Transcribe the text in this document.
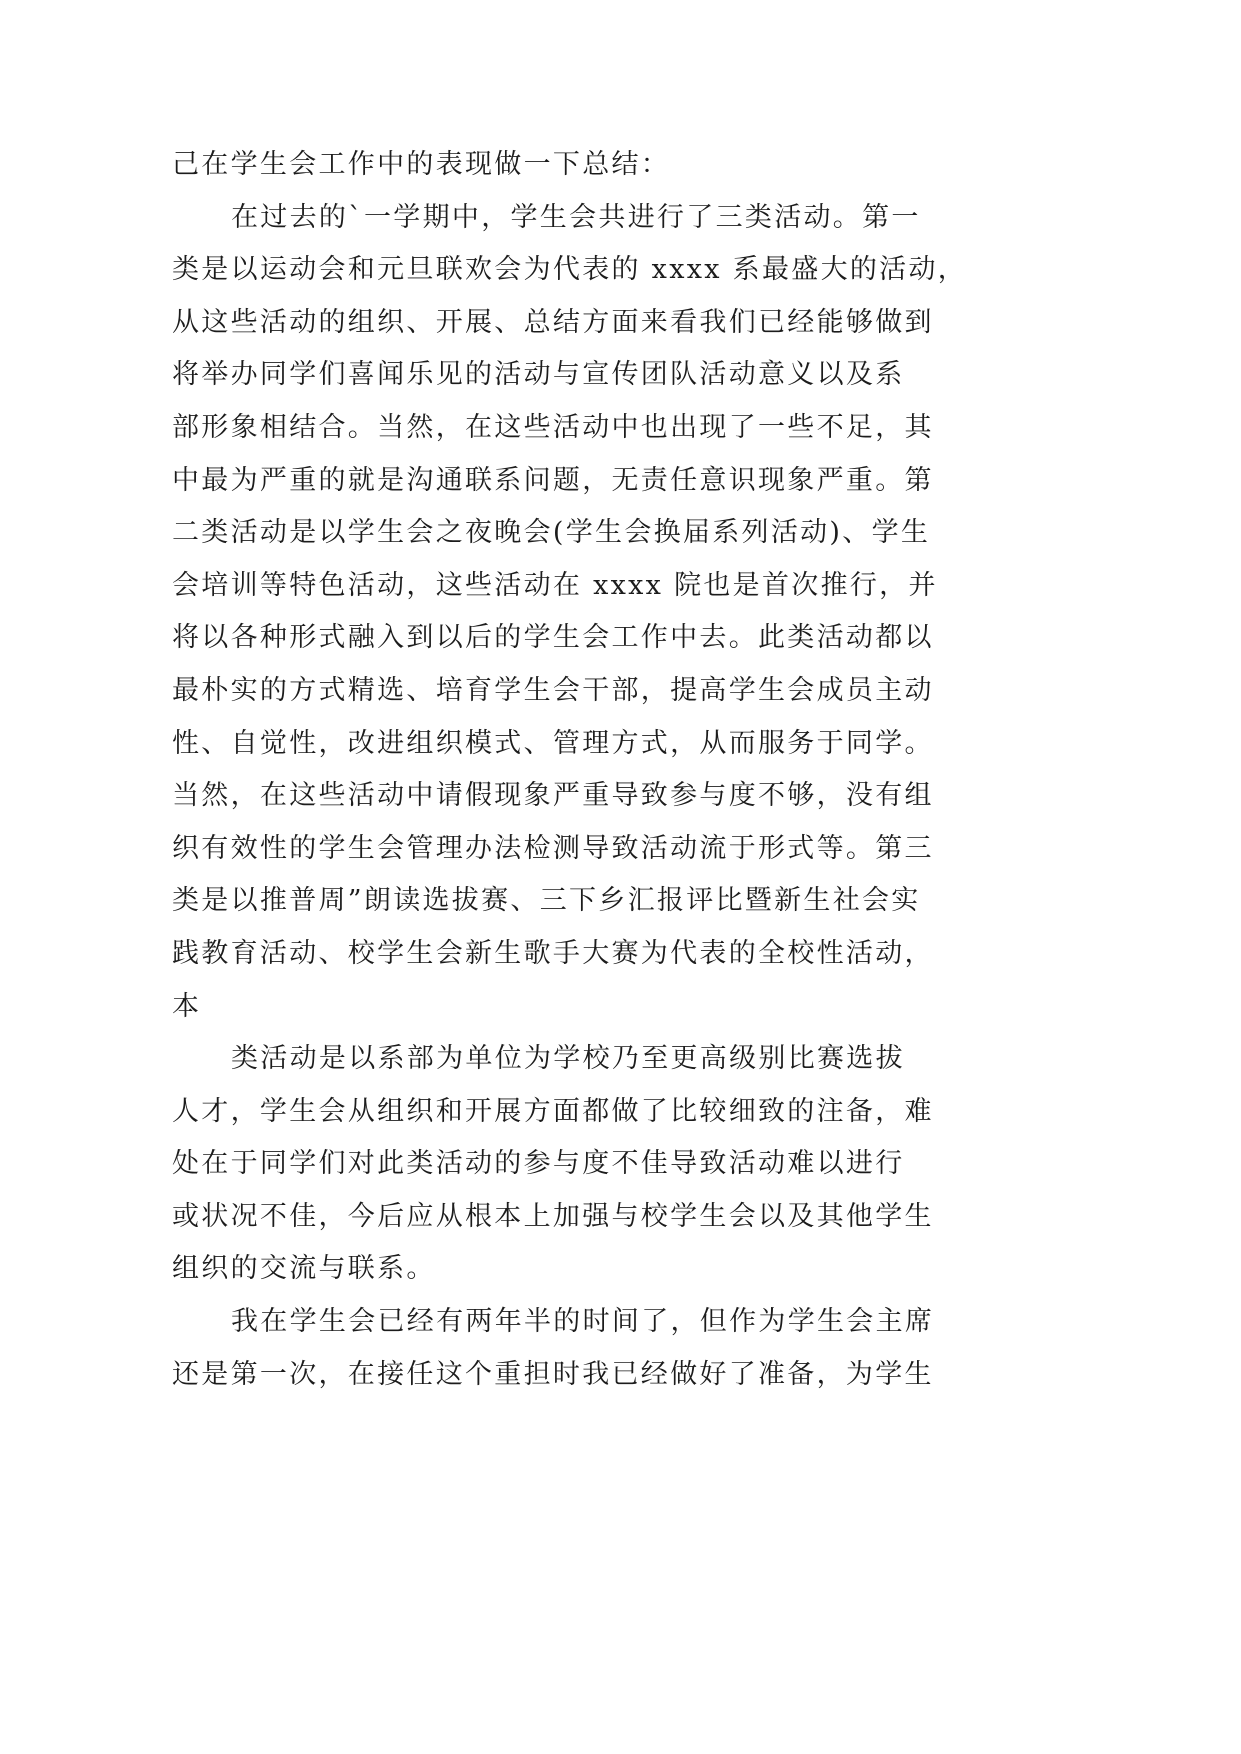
己在学生会工作中的表现做一下总结：
在过去的`一学期中，学生会共进行了三类活动。第一
类是以运动会和元旦联欢会为代表的 xxxx 系最盛大的活动，
从这些活动的组织、开展、总结方面来看我们已经能够做到
将举办同学们喜闻乐见的活动与宣传团队活动意义以及系
部形象相结合。当然，在这些活动中也出现了一些不足，其
中最为严重的就是沟通联系问题，无责任意识现象严重。第
二类活动是以学生会之夜晚会(学生会换届系列活动)、学生
会培训等特色活动，这些活动在 xxxx 院也是首次推行，并
将以各种形式融入到以后的学生会工作中去。此类活动都以
最朴实的方式精选、培育学生会干部，提高学生会成员主动
性、自觉性，改进组织模式、管理方式，从而服务于同学。
当然，在这些活动中请假现象严重导致参与度不够，没有组
织有效性的学生会管理办法检测导致活动流于形式等。第三
类是以推普周”朗读选拔赛、三下乡汇报评比暨新生社会实
践教育活动、校学生会新生歌手大赛为代表的全校性活动，
本
类活动是以系部为单位为学校乃至更高级别比赛选拔
人才，学生会从组织和开展方面都做了比较细致的注备，难
处在于同学们对此类活动的参与度不佳导致活动难以进行
或状况不佳，今后应从根本上加强与校学生会以及其他学生
组织的交流与联系。
我在学生会已经有两年半的时间了，但作为学生会主席
还是第一次，在接任这个重担时我已经做好了准备，为学生
